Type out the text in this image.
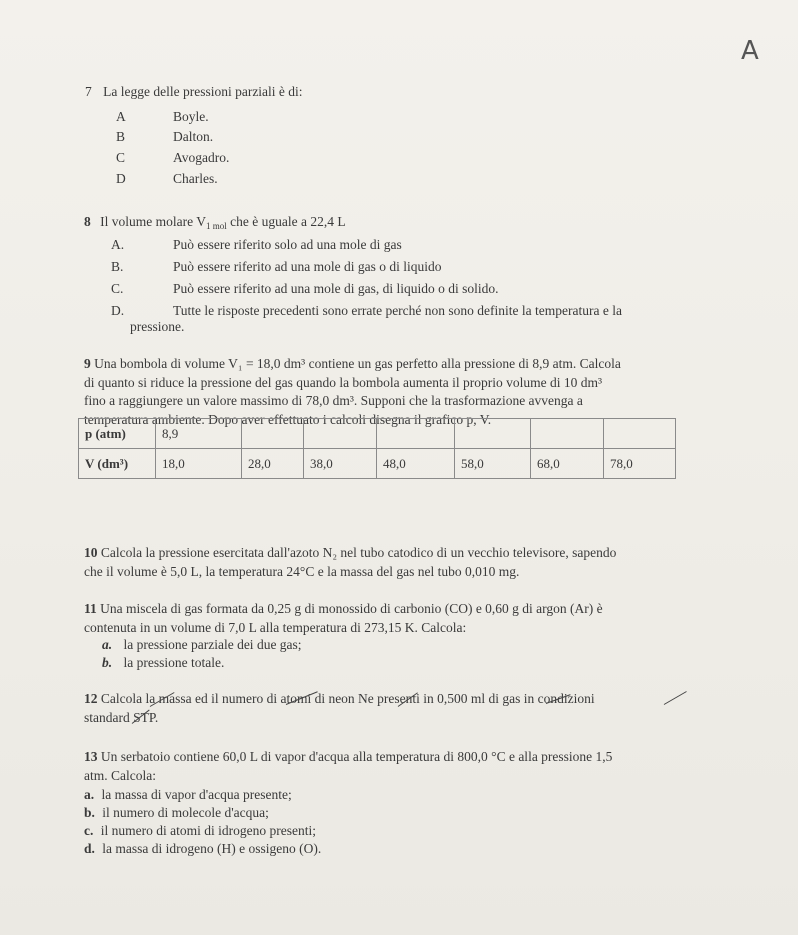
A
7 La legge delle pressioni parziali è di:
A	Boyle.
B	Dalton.
C	Avogadro.
D	Charles.
8 Il volume molare $V_{1 mol}$ che è uguale a 22,4 L
A.	Può essere riferito solo ad una mole di gas
B.	Può essere riferito ad una mole di gas o di liquido
C.	Può essere riferito ad una mole di gas, di liquido o di solido.
D.	Tutte le risposte precedenti sono errate perché non sono definite la temperatura e la
pressione.
9 Una bombola di volume V₁ = 18,0 dm³ contiene un gas perfetto alla pressione di 8,9 atm. Calcola
di quanto si riduce la pressione del gas quando la bombola aumenta il proprio volume di 10 dm³
fino a raggiungere un valore massimo di 78,0 dm³. Supponi che la trasformazione avvenga a
temperatura ambiente. Dopo aver effettuato i calcoli disegna il grafico p, V.
p (atm)	8,9						
V (dm³)	18,0	28,0	38,0	48,0	58,0	68,0	78,0
10 Calcola la pressione esercitata dall'azoto N₂ nel tubo catodico di un vecchio televisore, sapendo
che il volume è 5,0 L, la temperatura 24°C e la massa del gas nel tubo 0,010 mg.
11 Una miscela di gas formata da 0,25 g di monossido di carbonio (CO) e 0,60 g di argon (Ar) è
contenuta in un volume di 7,0 L alla temperatura di 273,15 K. Calcola:
a. la pressione parziale dei due gas;
b. la pressione totale.
12 Calcola la massa ed il numero di atomi di neon Ne presenti in 0,500 ml di gas in condizioni
standard STP.
13 Un serbatoio contiene 60,0 L di vapor d'acqua alla temperatura di 800,0 °C e alla pressione 1,5
atm. Calcola:
a. la massa di vapor d'acqua presente;
b. il numero di molecole d'acqua;
c. il numero di atomi di idrogeno presenti;
d. la massa di idrogeno (H) e ossigeno (O).
